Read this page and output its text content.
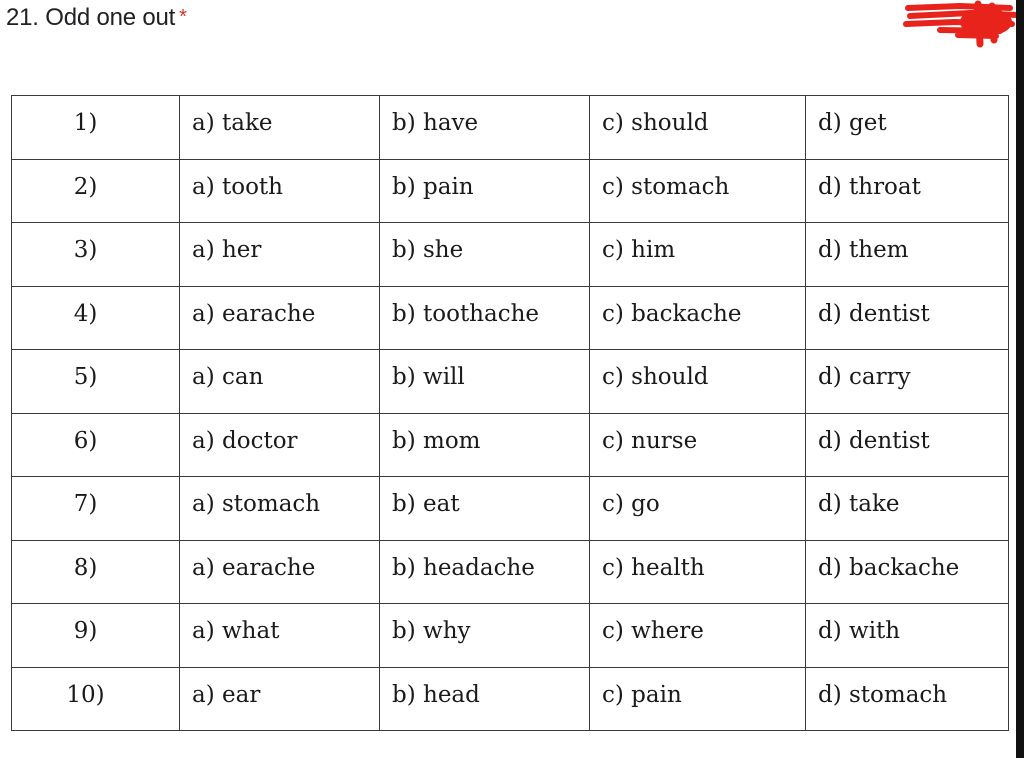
21. Odd one out *
1)	a) take	b) have	c) should	d) get
2)	a) tooth	b) pain	c) stomach	d) throat
3)	a) her	b) she	c) him	d) them
4)	a) earache	b) toothache	c) backache	d) dentist
5)	a) can	b) will	c) should	d) carry
6)	a) doctor	b) mom	c) nurse	d) dentist
7)	a) stomach	b) eat	c) go	d) take
8)	a) earache	b) headache	c) health	d) backache
9)	a) what	b) why	c) where	d) with
10)	a) ear	b) head	c) pain	d) stomach
